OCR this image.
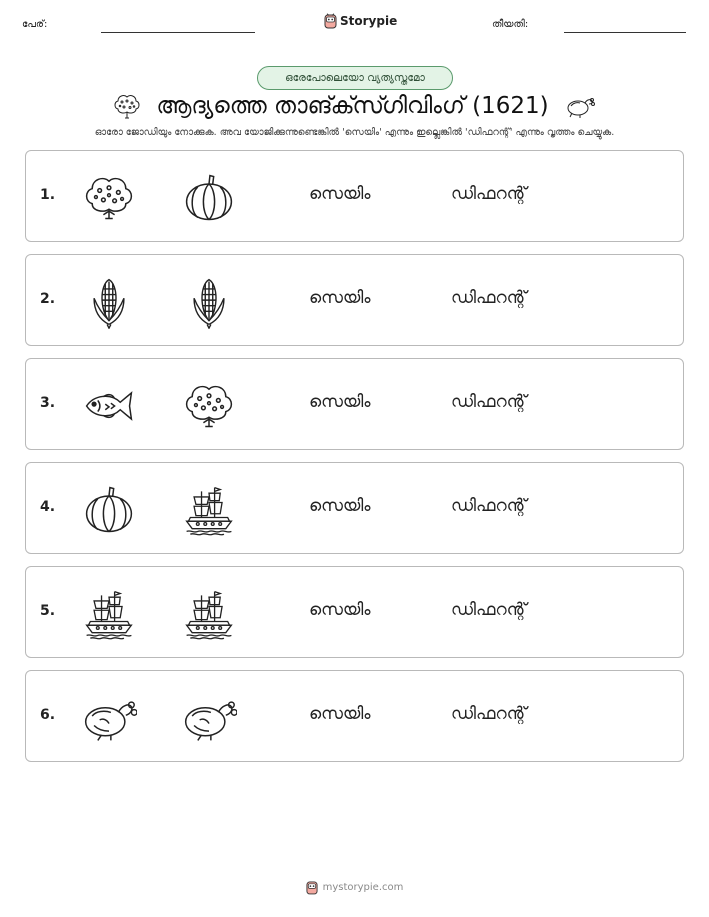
പേര്:	Storypie	തീയതി:
ഒരേപോലെയോ വ്യത്യസ്തമോ
ആദ്യത്തെ താങ്ക്സ്ഗിവിംഗ് (1621)
ഓരോ ജോഡിയും നോക്കുക. അവ യോജിക്കുന്നുണ്ടെങ്കിൽ 'സെയിം' എന്നും ഇല്ലെങ്കിൽ 'ഡിഫറന്റ്' എന്നും വൃത്തം ചെയ്യുക.
1.	സെയിം	ഡിഫറന്റ്
2.	സെയിം	ഡിഫറന്റ്
3.	സെയിം	ഡിഫറന്റ്
4.	സെയിം	ഡിഫറന്റ്
5.	സെയിം	ഡിഫറന്റ്
6.	സെയിം	ഡിഫറന്റ്
mystorypie.com
